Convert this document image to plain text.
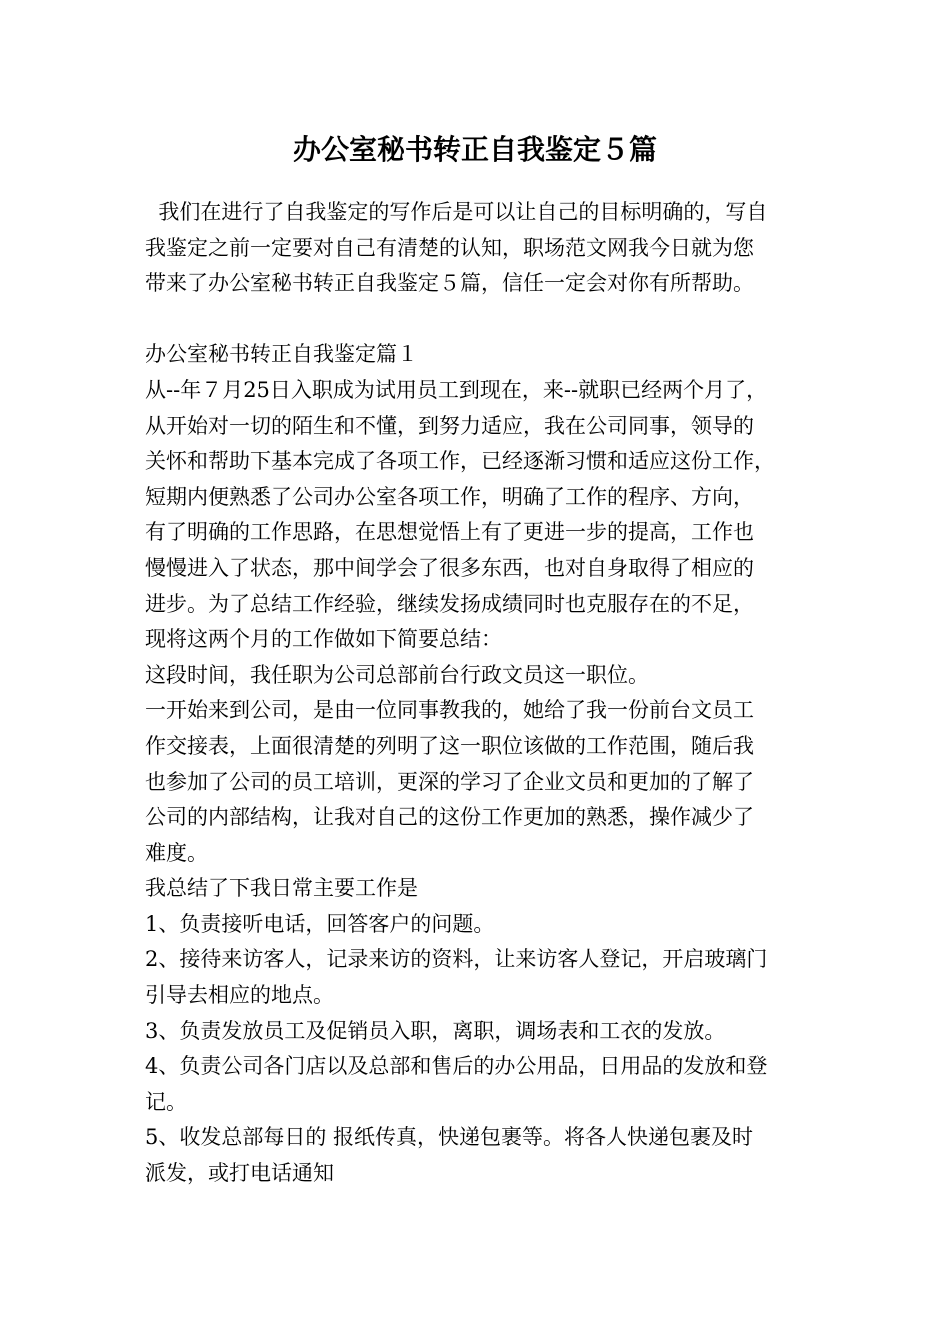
办公室秘书转正自我鉴定５篇
我们在进行了自我鉴定的写作后是可以让自己的目标明确的，写自
我鉴定之前一定要对自己有清楚的认知，职场范文网我今日就为您
带来了办公室秘书转正自我鉴定５篇，信任一定会对你有所帮助。
办公室秘书转正自我鉴定篇１
从--年７月25日入职成为试用员工到现在，来--就职已经两个月了，
从开始对一切的陌生和不懂，到努力适应，我在公司同事，领导的
关怀和帮助下基本完成了各项工作，已经逐渐习惯和适应这份工作，
短期内便熟悉了公司办公室各项工作，明确了工作的程序、方向，
有了明确的工作思路，在思想觉悟上有了更进一步的提高，工作也
慢慢进入了状态，那中间学会了很多东西，也对自身取得了相应的
进步。为了总结工作经验，继续发扬成绩同时也克服存在的不足，
现将这两个月的工作做如下简要总结：
这段时间，我任职为公司总部前台行政文员这一职位。
一开始来到公司，是由一位同事教我的，她给了我一份前台文员工
作交接表，上面很清楚的列明了这一职位该做的工作范围，随后我
也参加了公司的员工培训，更深的学习了企业文员和更加的了解了
公司的内部结构，让我对自己的这份工作更加的熟悉，操作减少了
难度。
我总结了下我日常主要工作是
1、负责接听电话，回答客户的问题。
2、接待来访客人，记录来访的资料，让来访客人登记，开启玻璃门
引导去相应的地点。
3、负责发放员工及促销员入职，离职，调场表和工衣的发放。
4、负责公司各门店以及总部和售后的办公用品，日用品的发放和登
记。
5、收发总部每日的 报纸传真，快递包裹等。将各人快递包裹及时
派发，或打电话通知
